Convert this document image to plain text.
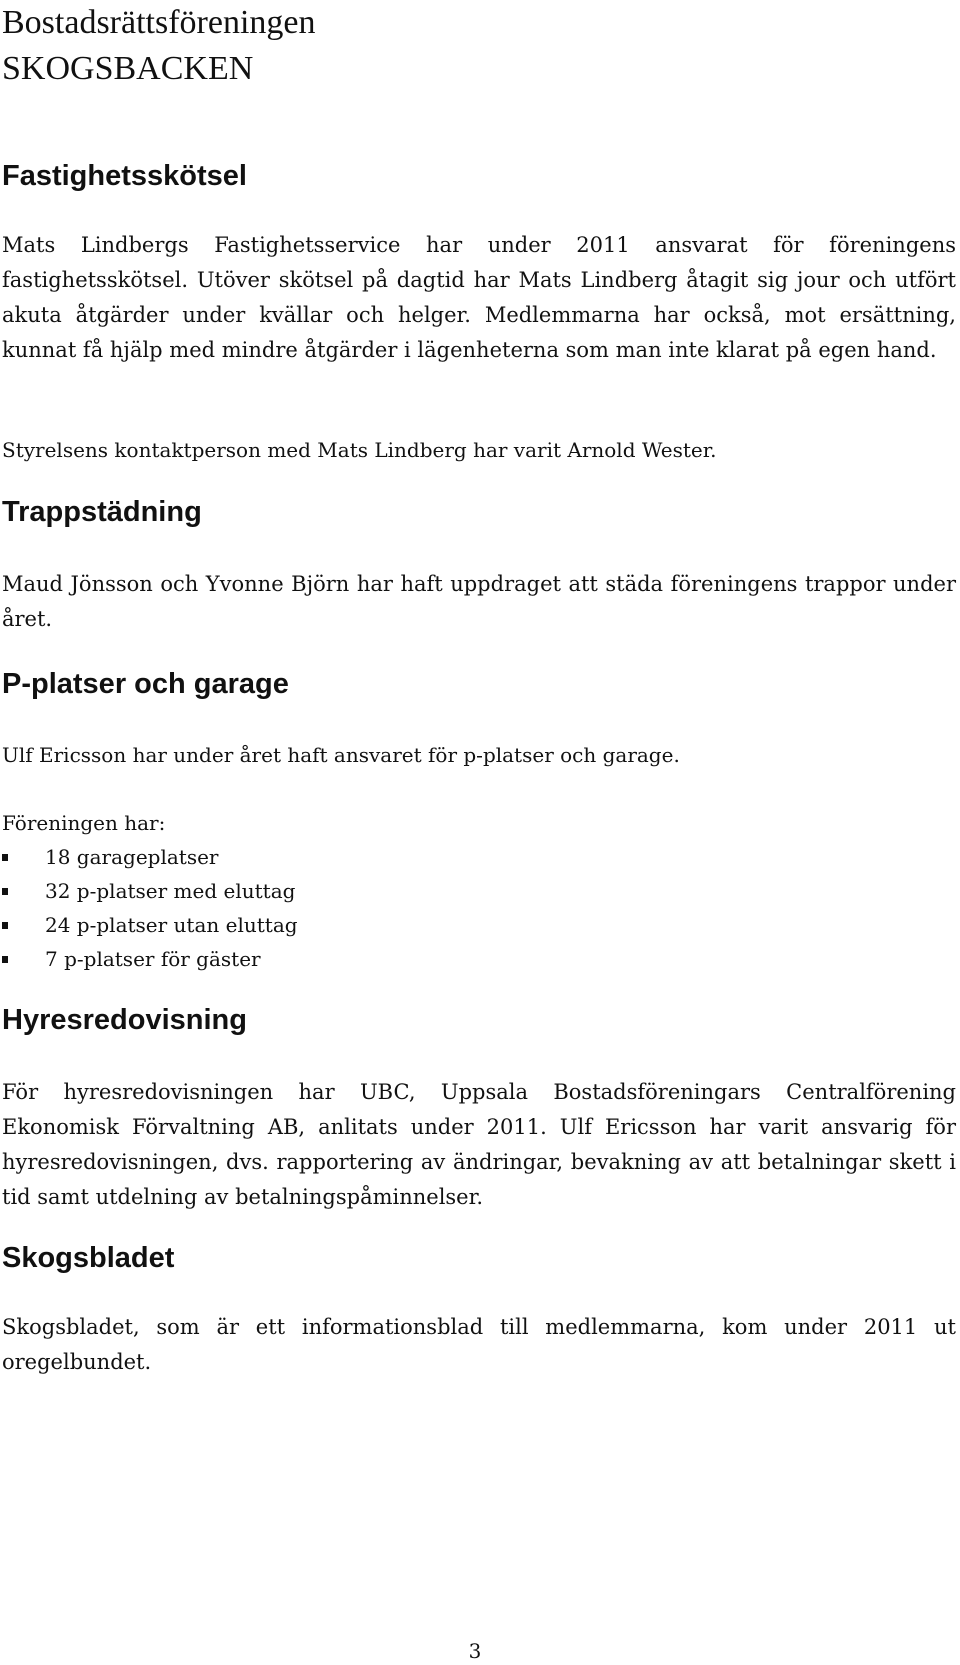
Bostadsrättsföreningen
SKOGSBACKEN
Fastighetsskötsel
Mats Lindbergs Fastighetsservice har under 2011 ansvarat för föreningens fastighetsskötsel. Utöver skötsel på dagtid har Mats Lindberg åtagit sig jour och utfört akuta åtgärder under kvällar och helger. Medlemmarna har också, mot ersättning, kunnat få hjälp med mindre åtgärder i lägenheterna som man inte klarat på egen hand.
Styrelsens kontaktperson med Mats Lindberg har varit Arnold Wester.
Trappstädning
Maud Jönsson och Yvonne Björn har haft uppdraget att städa föreningens trappor under året.
P-platser och garage
Ulf Ericsson har under året haft ansvaret för p-platser och garage.
Föreningen har:
18 garageplatser
32 p-platser med eluttag
24 p-platser utan eluttag
7 p-platser för gäster
Hyresredovisning
För hyresredovisningen har UBC, Uppsala Bostadsföreningars Centralförening Ekonomisk Förvaltning AB, anlitats under 2011. Ulf Ericsson har varit ansvarig för hyresredovisningen, dvs. rapportering av ändringar, bevakning av att betalningar skett i tid samt utdelning av betalningspåminnelser.
Skogsbladet
Skogsbladet, som är ett informationsblad till medlemmarna, kom under 2011 ut oregelbundet.
3
